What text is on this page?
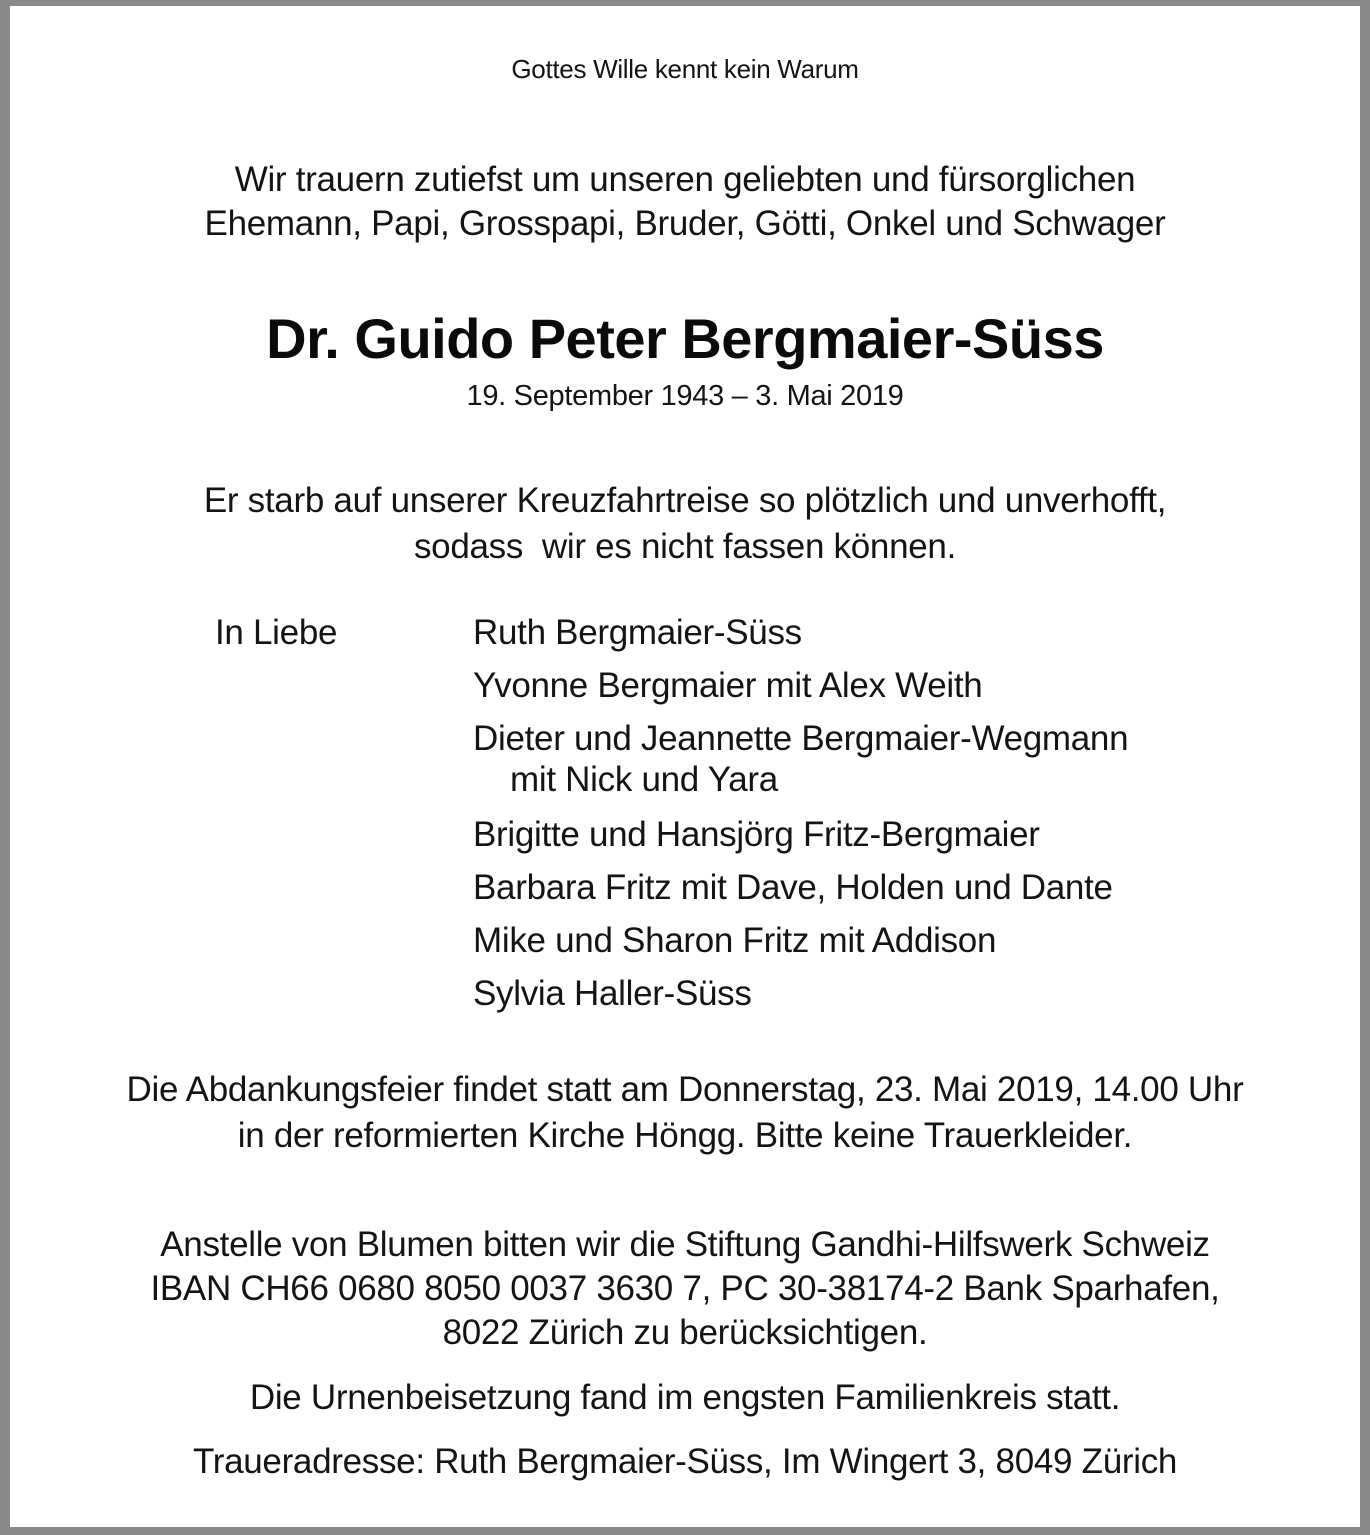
Gottes Wille kennt kein Warum
Wir trauern zutiefst um unseren geliebten und fürsorglichen
Ehemann, Papi, Grosspapi, Bruder, Götti, Onkel und Schwager
Dr. Guido Peter Bergmaier-Süss
19. September 1943 – 3. Mai 2019
Er starb auf unserer Kreuzfahrtreise so plötzlich und unverhofft,
sodass  wir es nicht fassen können.
In Liebe	Ruth Bergmaier-Süss
Yvonne Bergmaier mit Alex Weith
Dieter und Jeannette Bergmaier-Wegmann
mit Nick und Yara
Brigitte und Hansjörg Fritz-Bergmaier
Barbara Fritz mit Dave, Holden und Dante
Mike und Sharon Fritz mit Addison
Sylvia Haller-Süss
Die Abdankungsfeier findet statt am Donnerstag, 23. Mai 2019, 14.00 Uhr
in der reformierten Kirche Höngg. Bitte keine Trauerkleider.
Anstelle von Blumen bitten wir die Stiftung Gandhi-Hilfswerk Schweiz
IBAN CH66 0680 8050 0037 3630 7, PC 30-38174-2 Bank Sparhafen,
8022 Zürich zu berücksichtigen.
Die Urnenbeisetzung fand im engsten Familienkreis statt.
Traueradresse: Ruth Bergmaier-Süss, Im Wingert 3, 8049 Zürich
